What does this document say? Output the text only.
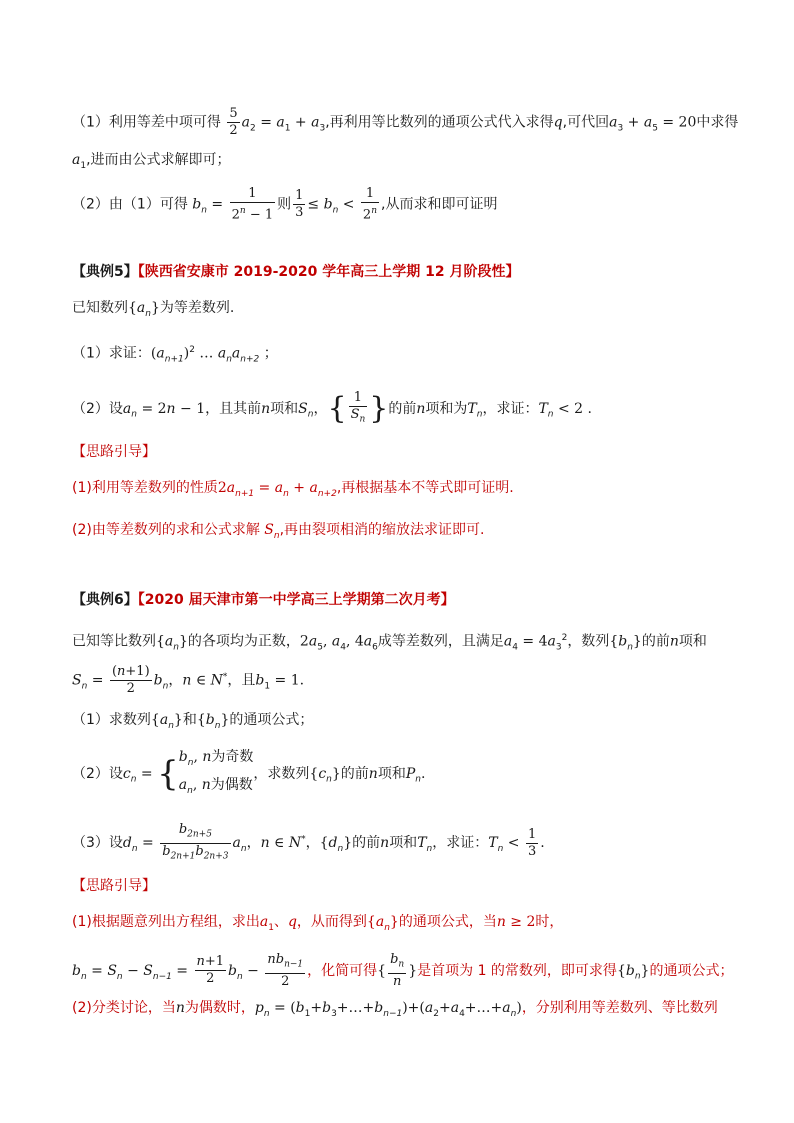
（1）利用等差中项可得 $\frac{5}{2} a_2 = a_1 + a_3$,再利用等比数列的通项公式代入求得q,可代回$a_3 + a_5 = 20$中求得
$a_1$,进而由公式求解即可；
（2）由（1）可得 $b_n = \frac{1}{2^n - 1}$ 则 $\frac{1}{3} \le b_n < \frac{1}{2^n}$ ,从而求和即可证明
【典例5】【陕西省安康市 2019-2020 学年高三上学期 12 月阶段性】
已知数列$\{a_n\}$为等差数列.
（1）求证：$(a_{n+1})^2$ … $a_na_{n+2}$ ；
（2）设$a_n = 2n - 1$，且其前n项和$S_n$，{ $\frac{1}{S_n}$ }的前n项和为$T_n$，求证：$T_n < 2$ .
【思路引导】
(1)利用等差数列的性质$2a_{n+1} = a_n + a_{n+2}$,再根据基本不等式即可证明.
(2)由等差数列的求和公式求解 $S_n$,再由裂项相消的缩放法求证即可.
【典例6】【2020 届天津市第一中学高三上学期第二次月考】
已知等比数列$\{a_n\}$的各项均为正数，$2a_5$, $a_4$, $4a_6$成等差数列，且满足$a_4 = 4a_3^2$，数列$\{b_n\}$的前n项和
$S_n = \frac{(n+1)}{2} b_n$，n ∈ N*，且$b_1 = 1$.
（1）求数列$\{a_n\}$和$\{b_n\}$的通项公式；
（2）设$c_n$ = { $b_n$, n为奇数
$a_n$, n为偶数
，求数列$\{c_n\}$的前n项和$P_n$.
（3）设$d_n = \frac{b_{2n+5}}{b_{2n+1}b_{2n+3}} a_n$，n ∈ N*，$\{d_n\}$的前n项和$T_n$，求证：$T_n < \frac{1}{3}$ .
【思路引导】
(1)根据题意列出方程组，求出$a_1$、q，从而得到$\{a_n\}$的通项公式，当n ≥ 2时，
$b_n = S_n - S_{n-1} = \frac{n+1}{2} b_n - \frac{nb_{n-1}}{2}$ ，化简可得{ $\frac{b_n}{n}$ }是首项为 1 的常数列，即可求得$\{b_n\}$的通项公式；
(2)分类讨论，当n为偶数时，$p_n$ = $(b_1+b_3+\dots+b_{n-1})+(a_2+a_4+\dots+a_n)$，分别利用等差数列、等比数列
